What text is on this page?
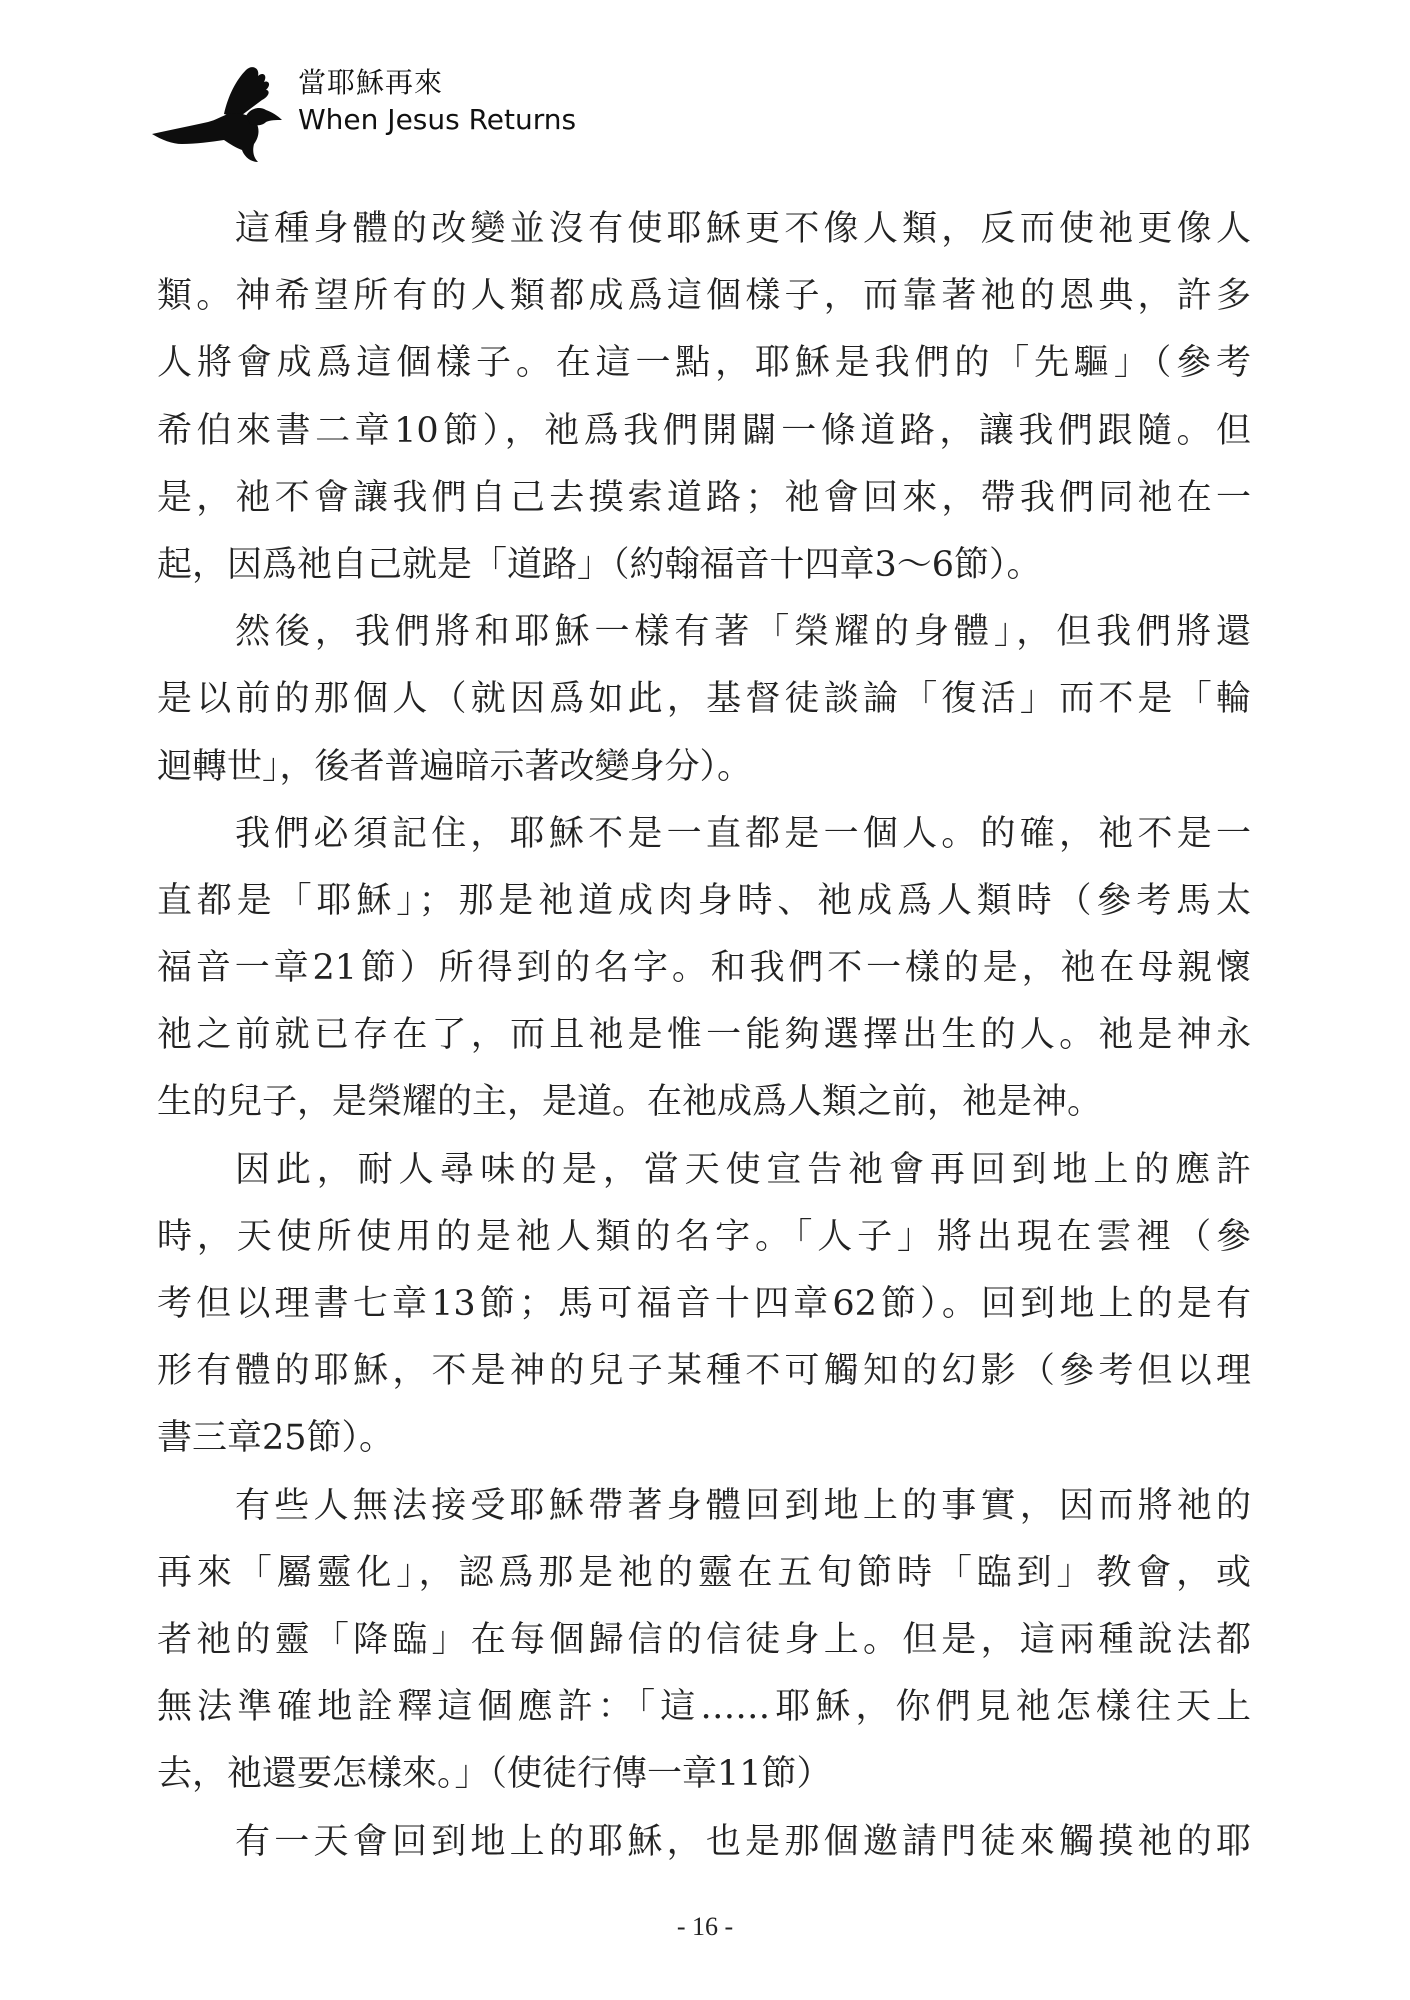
當耶穌再來
When Jesus Returns
這種身體的改變並沒有使耶穌更不像人類，反而使祂更像人
類。神希望所有的人類都成爲這個樣子，而靠著祂的恩典，許多
人將會成爲這個樣子。在這一點，耶穌是我們的「先驅」（參考
希伯來書二章10節），祂爲我們開闢一條道路，讓我們跟隨。但
是，祂不會讓我們自己去摸索道路；祂會回來，帶我們同祂在一
起，因爲祂自己就是「道路」（約翰福音十四章3～6節）。
然後，我們將和耶穌一樣有著「榮耀的身體」，但我們將還
是以前的那個人（就因爲如此，基督徒談論「復活」而不是「輪
迴轉世」，後者普遍暗示著改變身分）。
我們必須記住，耶穌不是一直都是一個人。的確，祂不是一
直都是「耶穌」；那是祂道成肉身時、祂成爲人類時（參考馬太
福音一章21節）所得到的名字。和我們不一樣的是，祂在母親懷
祂之前就已存在了，而且祂是惟一能夠選擇出生的人。祂是神永
生的兒子，是榮耀的主，是道。在祂成爲人類之前，祂是神。
因此，耐人尋味的是，當天使宣告祂會再回到地上的應許
時，天使所使用的是祂人類的名字。「人子」將出現在雲裡（參
考但以理書七章13節；馬可福音十四章62節）。回到地上的是有
形有體的耶穌，不是神的兒子某種不可觸知的幻影（參考但以理
書三章25節）。
有些人無法接受耶穌帶著身體回到地上的事實，因而將祂的
再來「屬靈化」，認爲那是祂的靈在五旬節時「臨到」教會，或
者祂的靈「降臨」在每個歸信的信徒身上。但是，這兩種說法都
無法準確地詮釋這個應許：「這……耶穌，你們見祂怎樣往天上
去，祂還要怎樣來。」（使徒行傳一章11節）
有一天會回到地上的耶穌，也是那個邀請門徒來觸摸祂的耶
- 16 -
